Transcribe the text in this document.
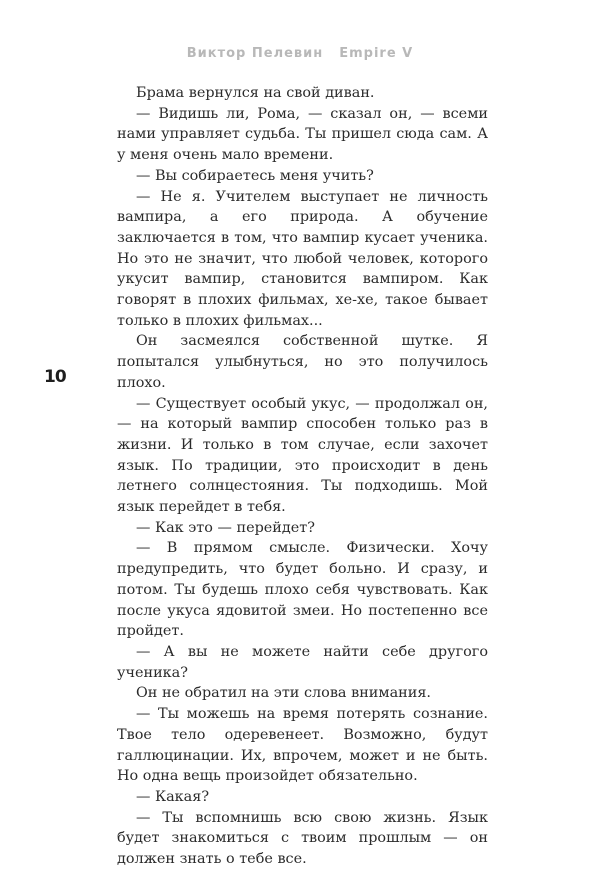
Виктор Пелевин Empire V
10

Брама вернулся на свой диван.

— Видишь ли, Рома, — сказал он, — всеми нами управляет судьба. Ты пришел сюда сам. А у меня очень мало времени.

— Вы собираетесь меня учить?

— Не я. Учителем выступает не личность вампира, а его природа. А обучение заключается в том, что вампир кусает ученика. Но это не значит, что любой человек, которого укусит вампир, становится вампиром. Как говорят в плохих фильмах, хе-хе, такое бывает только в плохих фильмах...

Он засмеялся собственной шутке. Я попытался улыбнуться, но это получилось плохо.

— Существует особый укус, — продолжал он, — на который вампир способен только раз в жизни. И только в том случае, если захочет язык. По традиции, это происходит в день летнего солнцестояния. Ты подходишь. Мой язык перейдет в тебя.

— Как это — перейдет?

— В прямом смысле. Физически. Хочу предупредить, что будет больно. И сразу, и потом. Ты будешь плохо себя чувствовать. Как после укуса ядовитой змеи. Но постепенно все пройдет.

— А вы не можете найти себе другого ученика?

Он не обратил на эти слова внимания.

— Ты можешь на время потерять сознание. Твое тело одеревенеет. Возможно, будут галлюцинации. Их, впрочем, может и не быть. Но одна вещь произойдет обязательно.

— Какая?

— Ты вспомнишь всю свою жизнь. Язык будет знакомиться с твоим прошлым — он должен знать о тебе все.
